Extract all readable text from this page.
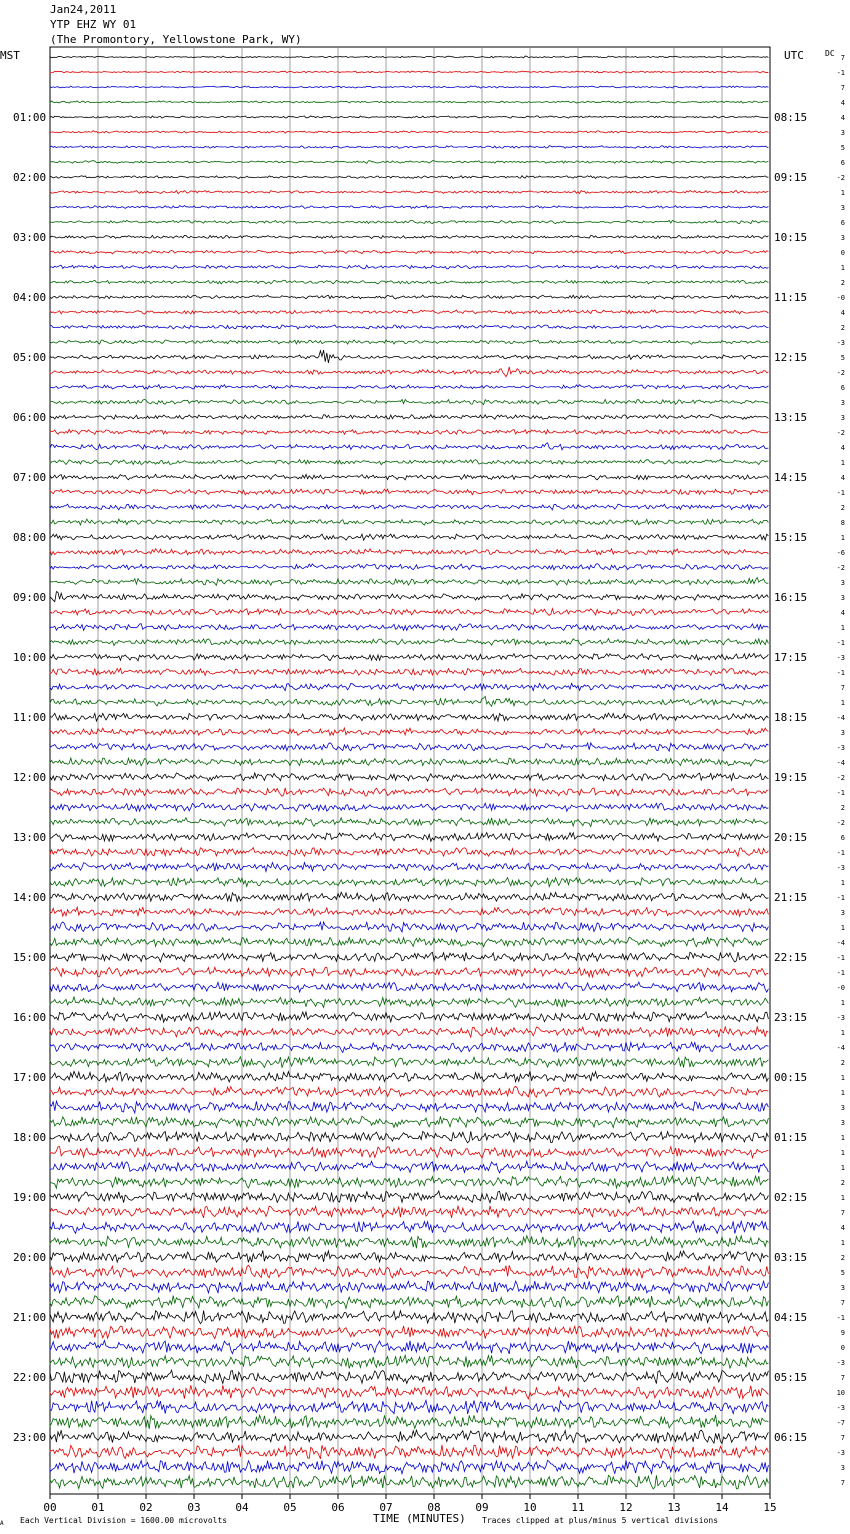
Jan24,2011
YTP EHZ WY 01
(The Promontory, Yellowstone Park, WY)
MST	UTC	DC
01:00
02:00
03:00
04:00
05:00
06:00
07:00
08:00
09:00
10:00
11:00
12:00
13:00
14:00
15:00
16:00
17:00
18:00
19:00
20:00
21:00
22:00
23:00
08:15
09:15
10:15
11:15
12:15
13:15
14:15
15:15
16:15
17:15
18:15
19:15
20:15
21:15
22:15
23:15
00:15
01:15
02:15
03:15
04:15
05:15
06:15
7
-1
7
4
4
3
5
6
-2
1
3
6
3
0
1
2
-0
4
2
-3
5
-2
6
3
3
-2
4
1
4
-1
2
8
1
-6
-2
3
3
4
1
-1
-3
-1
7
1
-4
3
-3
-4
-2
-1
2
-2
6
-1
-3
1
-1
3
1
-4
-1
-1
-0
1
-3
1
-4
2
1
1
3
3
1
1
1
2
1
7
4
1
2
5
3
7
-1
9
0
-3
7
10
-3
-7
7
-3
3
7
00	01	02	03	04	05	06	07	08	09	10	11	12	13	14	15
A Each Vertical Division = 1600.00 microvolts	TIME (MINUTES) Traces clipped at plus/minus 5 vertical divisions
